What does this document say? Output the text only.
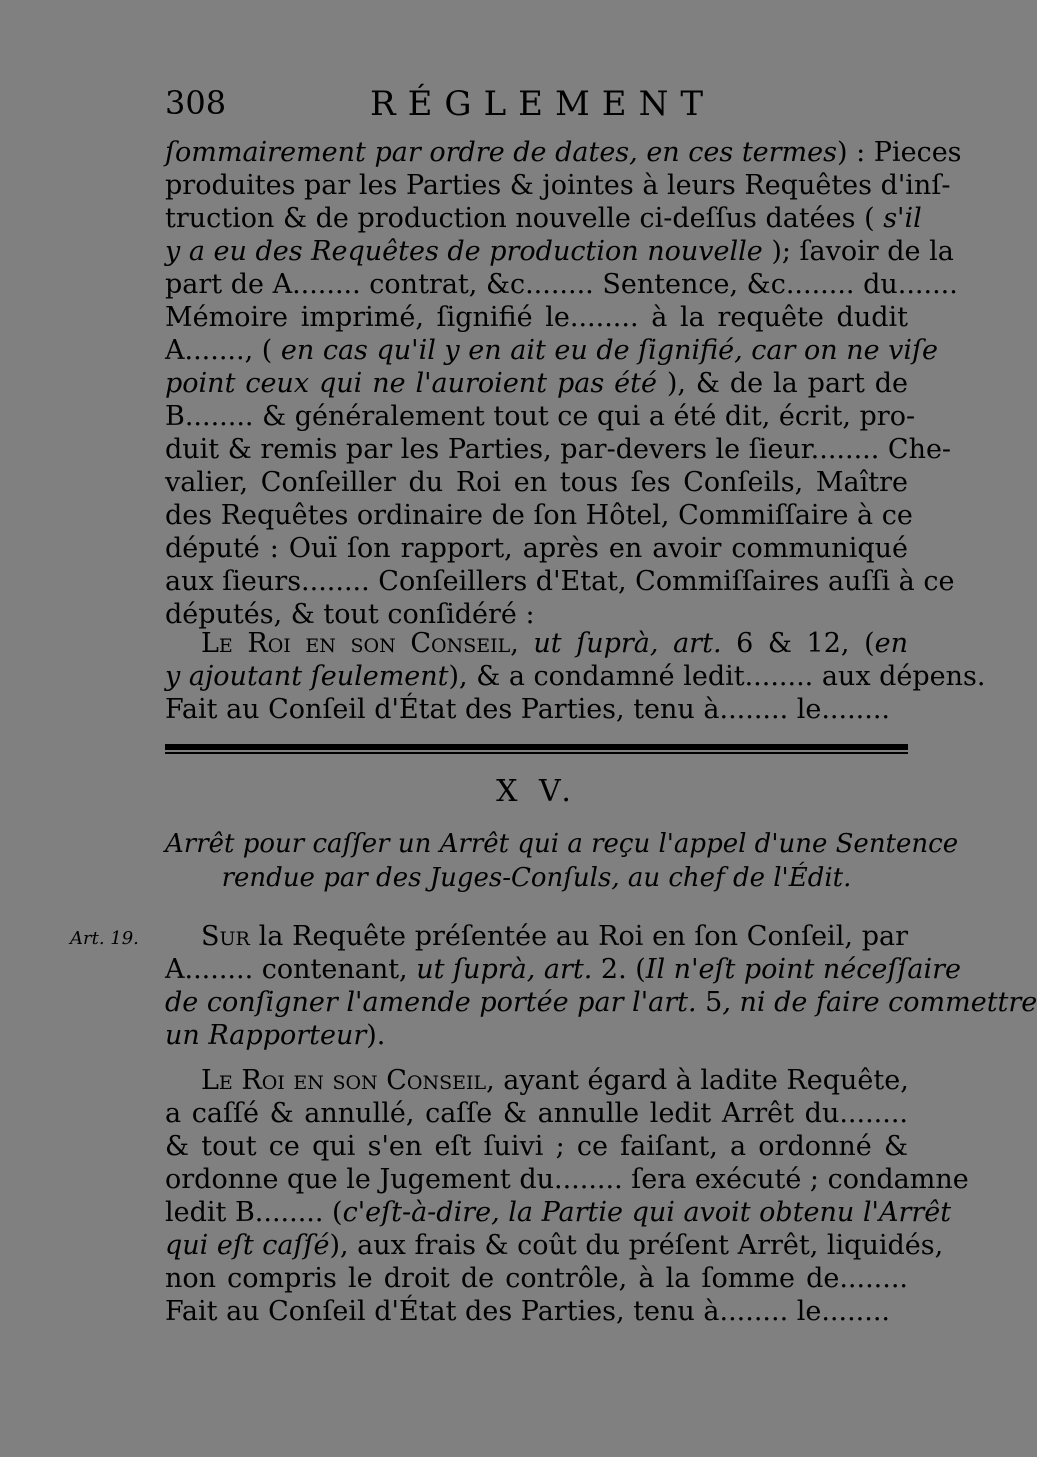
308	RÉGLEMENT
ſommairement par ordre de dates, en ces termes) : Pieces
produites par les Parties & jointes à leurs Requêtes d'inſ-
truction & de production nouvelle ci-deſſus datées ( s'il
y a eu des Requêtes de production nouvelle ); ſavoir de la
part de A........ contrat, &c........ Sentence, &c........ du.......
Mémoire imprimé, ſignifié le........ à la requête dudit
A......., ( en cas qu'il y en ait eu de ſignifié, car on ne viſe
point ceux qui ne l'auroient pas été ), & de la part de
B........ & généralement tout ce qui a été dit, écrit, pro-
duit & remis par les Parties, par-devers le ſieur........ Che-
valier, Conſeiller du Roi en tous ſes Conſeils, Maître
des Requêtes ordinaire de ſon Hôtel, Commiſſaire à ce
député : Ouï ſon rapport, après en avoir communiqué
aux ſieurs........ Conſeillers d'Etat, Commiſſaires auſſi à ce
députés, & tout conſidéré :
Le Roi en son Conseil, ut ſuprà, art. 6 & 12, (en
y ajoutant ſeulement), & a condamné ledit........ aux dépens.
Fait au Conſeil d'État des Parties, tenu à........ le........
X V.
Arrêt pour caſſer un Arrêt qui a reçu l'appel d'une Sentence
rendue par des Juges-Conſuls, au chef de l'Édit.
Art. 19.	Sur la Requête préſentée au Roi en ſon Conſeil, par
A........ contenant, ut ſuprà, art. 2. (Il n'eſt point néceſſaire
de conſigner l'amende portée par l'art. 5, ni de faire commettre
un Rapporteur).
Le Roi en son Conseil, ayant égard à ladite Requête,
a caſſé & annullé, caſſe & annulle ledit Arrêt du........
& tout ce qui s'en eſt ſuivi ; ce faiſant, a ordonné &
ordonne que le Jugement du........ ſera exécuté ; condamne
ledit B........ (c'eſt-à-dire, la Partie qui avoit obtenu l'Arrêt
qui eſt caſſé), aux frais & coût du préſent Arrêt, liquidés,
non compris le droit de contrôle, à la ſomme de........
Fait au Conſeil d'État des Parties, tenu à........ le........
